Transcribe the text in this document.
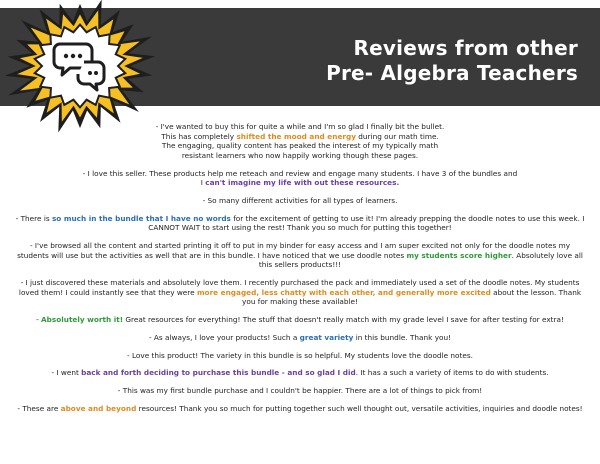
Reviews from other
Pre- Algebra Teachers
- I've wanted to buy this for quite a while and I'm so glad I finally bit the bullet.
This has completely shifted the mood and energy during our math time.
The engaging, quality content has peaked the interest of my typically math
resistant learners who now happily working though these pages.
- I love this seller. These products help me reteach and review and engage many students. I have 3 of the bundles and
I can't imagine my life with out these resources.
- So many different activities for all types of learners.
- There is so much in the bundle that I have no words for the excitement of getting to use it! I'm already prepping the doodle notes to use this week. I CANNOT WAIT to start using the rest! Thank you so much for putting this together!
- I've browsed all the content and started printing it off to put in my binder for easy access and I am super excited not only for the doodle notes my students will use but the activities as well that are in this bundle. I have noticed that we use doodle notes my students score higher. Absolutely love all this sellers products!!!
- I just discovered these materials and absolutely love them. I recently purchased the pack and immediately used a set of the doodle notes. My students loved them! I could instantly see that they were more engaged, less chatty with each other, and generally more excited about the lesson. Thank you for making these available!
- Absolutely worth it! Great resources for everything! The stuff that doesn't really match with my grade level I save for after testing for extra!
- As always, I love your products! Such a great variety in this bundle. Thank you!
- Love this product! The variety in this bundle is so helpful. My students love the doodle notes.
- I went back and forth deciding to purchase this bundle - and so glad I did. It has a such a variety of items to do with students.
- This was my first bundle purchase and I couldn't be happier. There are a lot of things to pick from!
- These are above and beyond resources! Thank you so much for putting together such well thought out, versatile activities, inquiries and doodle notes!
